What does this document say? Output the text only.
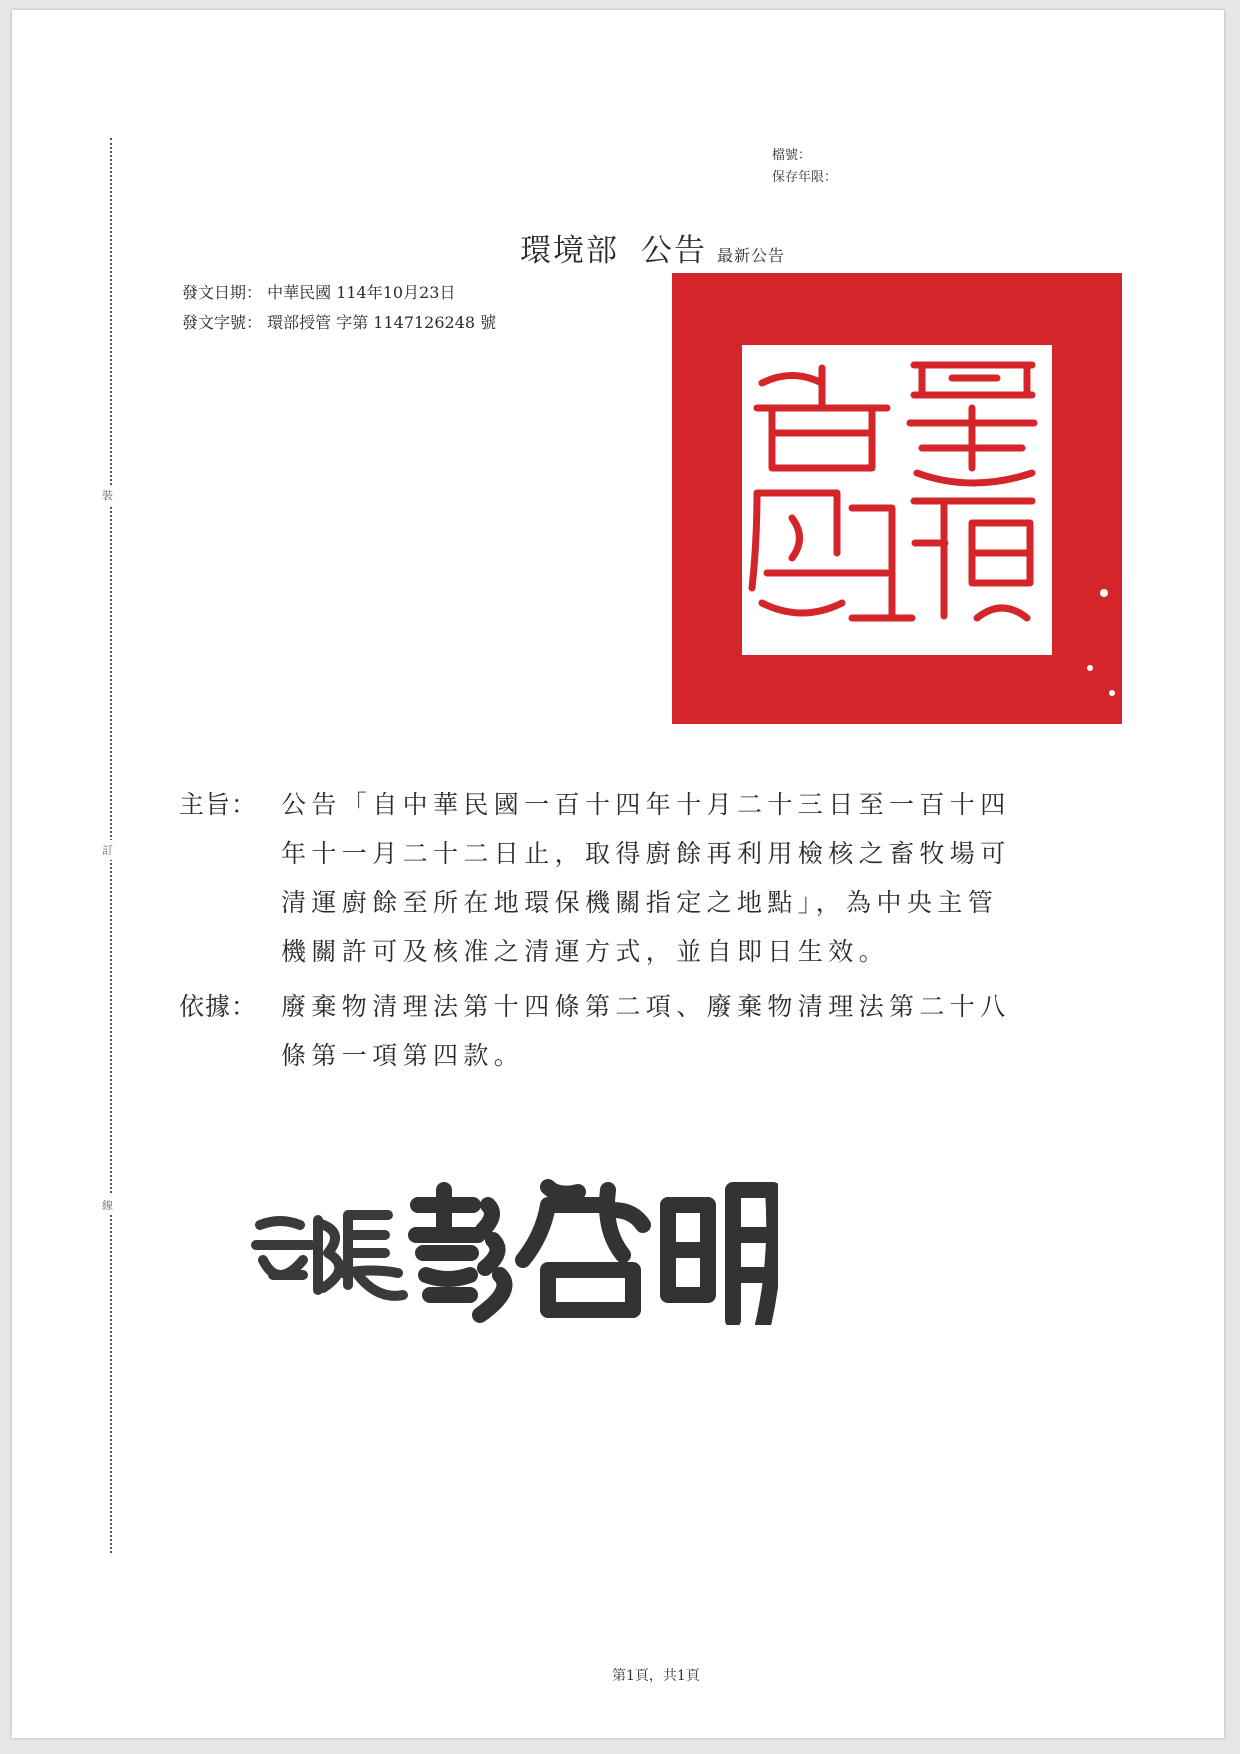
裝
訂
線
檔號：
保存年限：
環境部 公告 最新公告
發文日期： 中華民國 114年10月23日
發文字號： 環部授管 字第 1147126248 號
主旨： 公告「自中華民國一百十四年十月二十三日至一百十四
年十一月二十二日止，取得廚餘再利用檢核之畜牧場可
清運廚餘至所在地環保機關指定之地點」，為中央主管
機關許可及核准之清運方式，並自即日生效。
依據： 廢棄物清理法第十四條第二項、廢棄物清理法第二十八
條第一項第四款。
第1頁，共1頁
